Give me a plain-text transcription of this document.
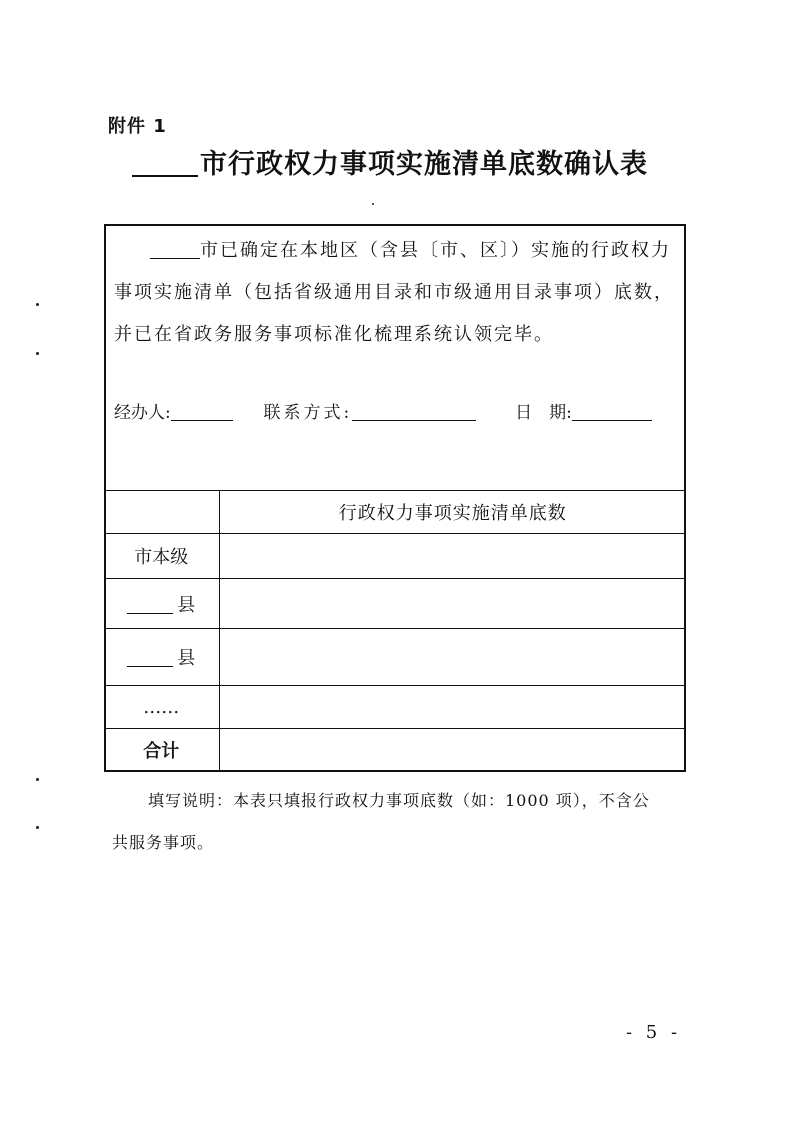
附件 1
市行政权力事项实施清单底数确认表
市已确定在本地区（含县〔市、区〕）实施的行政权力事项实施清单（包括省级通用目录和市级通用目录事项）底数，并已在省政务服务事项标准化梳理系统认领完毕。
经办人:	联系方式:	日　期:
	行政权力事项实施清单底数
市本级	
县	
县	
……	
合计	
填写说明：本表只填报行政权力事项底数（如：1000 项），不含公
共服务事项。
- 5 -
